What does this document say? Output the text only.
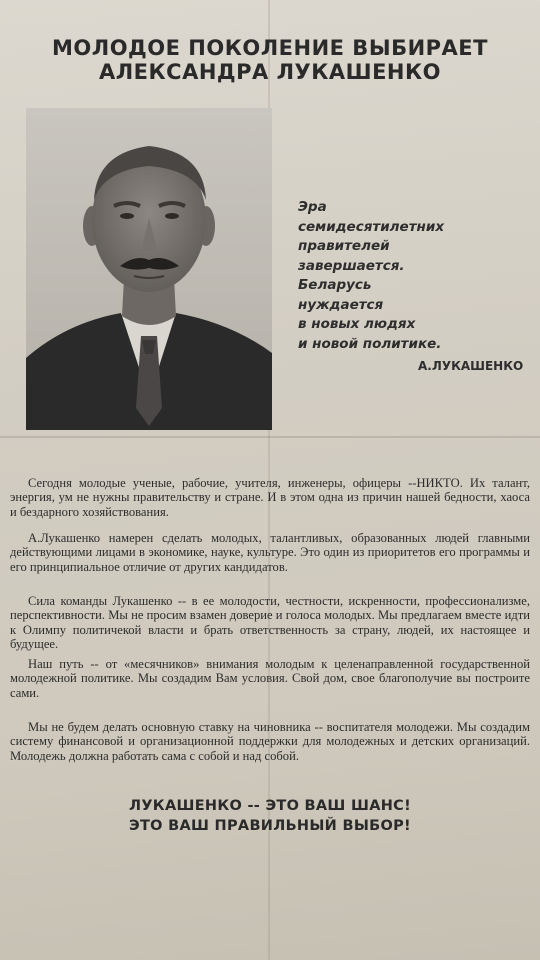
МОЛОДОЕ ПОКОЛЕНИЕ ВЫБИРАЕТ
АЛЕКСАНДРА ЛУКАШЕНКО
Эра
семидесятилетних
правителей
завершается.
Беларусь
нуждается
в новых людях
и новой политике.
А.ЛУКАШЕНКО

Сегодня молодые ученые, рабочие, учителя, инженеры, офицеры --НИКТО. Их талант, энергия, ум не нужны правительству и стране. И в этом одна из причин нашей бедности, хаоса и бездарного хозяйствования.

А.Лукашенко намерен сделать молодых, талантливых, образованных людей главными действующими лицами в экономике, науке, культуре. Это один из приоритетов его программы и его принципиальное отличие от других кандидатов.

Сила команды Лукашенко -- в ее молодости, честности, искренности, профессионализме, перспективности. Мы не просим взамен доверие и голоса молодых. Мы предлагаем вместе идти к Олимпу политичекой власти и брать ответственность за страну, людей, их настоящее и будущее.

Наш путь -- от «месячников» внимания молодым к целенаправленной государственной молодежной политике. Мы создадим Вам условия. Свой дом, свое благополучие вы построите сами.

Мы не будем делать основную ставку на чиновника -- воспитателя молодежи. Мы создадим систему финансовой и организационной поддержки для молодежных и детских организаций. Молодежь должна работать сама с собой и над собой.

ЛУКАШЕНКО -- ЭТО ВАШ ШАНС!
ЭТО ВАШ ПРАВИЛЬНЫЙ ВЫБОР!
